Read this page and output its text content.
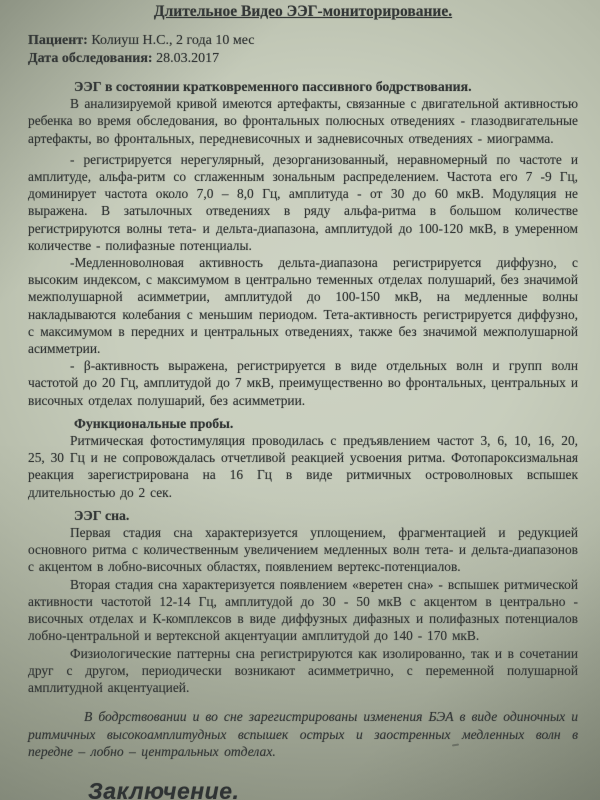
Длительное Видео ЭЭГ-мониторирование.
Пациент: Колиуш Н.С., 2 года 10 мес
Дата обследования: 28.03.2017
ЭЭГ в состоянии кратковременного пассивного бодрствования.

В анализируемой кривой имеются артефакты, связанные с двигательной активностью ребенка во время обследования, во фронтальных полюсных отведениях - глазодвигательные артефакты, во фронтальных, передневисочных и задневисочных отведениях - миограмма.

- регистрируется нерегулярный, дезорганизованный, неравномерный по частоте и амплитуде, альфа-ритм со сглаженным зональным распределением. Частота его 7 -9 Гц, доминирует частота около 7,0 – 8,0 Гц, амплитуда - от 30 до 60 мкВ. Модуляция не выражена. В затылочных отведениях в ряду альфа-ритма в большом количестве регистрируются волны тета- и дельта-диапазона, амплитудой до 100-120 мкВ, в умеренном количестве - полифазные потенциалы.

-Медленноволновая активность дельта-диапазона регистрируется диффузно, с высоким индексом, с максимумом в центрально теменных отделах полушарий, без значимой межполушарной асимметрии, амплитудой до 100-150 мкВ, на медленные волны накладываются колебания с меньшим периодом. Тета-активность регистрируется диффузно, с максимумом в передних и центральных отведениях, также без значимой межполушарной асимметрии.

- β-активность выражена, регистрируется в виде отдельных волн и групп волн частотой до 20 Гц, амплитудой до 7 мкВ, преимущественно во фронтальных, центральных и височных отделах полушарий, без асимметрии.

Функциональные пробы.

Ритмическая фотостимуляция проводилась с предъявлением частот 3, 6, 10, 16, 20, 25, 30 Гц и не сопровождалась отчетливой реакцией усвоения ритма. Фотопароксизмальная реакция зарегистрирована на 16 Гц в виде ритмичных островолновых вспышек длительностью до 2 сек.

ЭЭГ сна.

Первая стадия сна характеризуется уплощением, фрагментацией и редукцией основного ритма с количественным увеличением медленных волн тета- и дельта-диапазонов с акцентом в лобно-височных областях, появлением вертекс-потенциалов.

Вторая стадия сна характеризуется появлением «веретен сна» - вспышек ритмической активности частотой 12-14 Гц, амплитудой до 30 - 50 мкВ с акцентом в центрально - височных отделах и К-комплексов в виде диффузных дифазных и полифазных потенциалов лобно-центральной и вертексной акцентуации амплитудой до 140 - 170 мкВ.

Физиологические паттерны сна регистрируются как изолированно, так и в сочетании друг с другом, периодически возникают асимметрично, с переменной полушарной амплитудной акцентуацией.

В бодрствовании и во сне зарегистрированы изменения БЭА в виде одиночных и ритмичных высокоамплитудных вспышек острых и заостренных медленных волн в передне – лобно – центральных отделах.

Заключение.
